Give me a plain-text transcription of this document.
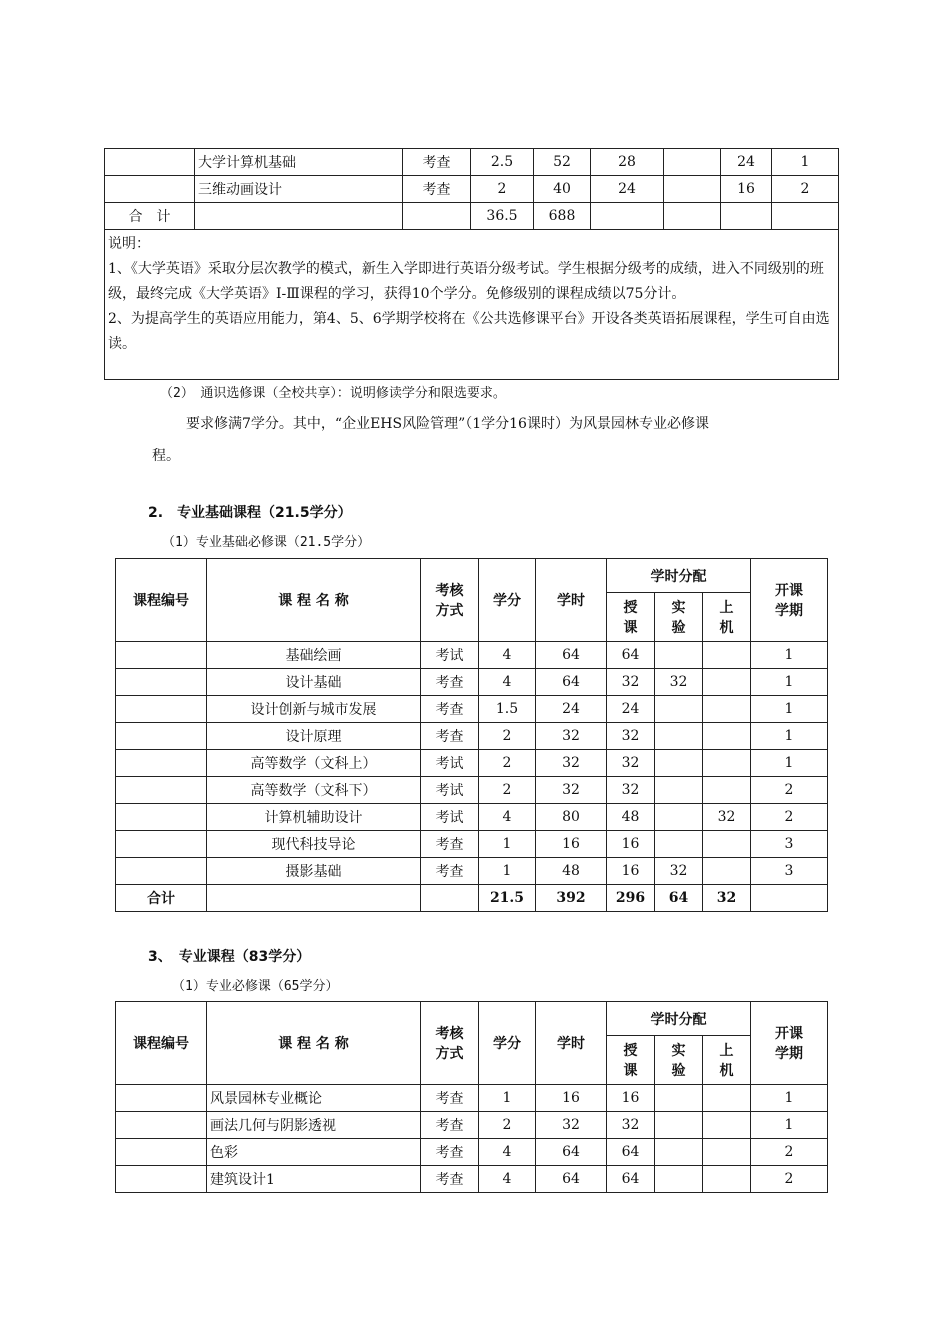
	大学计算机基础	考查	2.5	52	28		24	1
	三维动画设计	考查	2	40	24		16	2
合　计			36.5	688				

说明：
1、《大学英语》采取分层次教学的模式，新生入学即进行英语分级考试。学生根据分级考的成绩，进入不同级别的班级，最终完成《大学英语》Ⅰ-Ⅲ课程的学习，获得10个学分。免修级别的课程成绩以75分计。
2、为提高学生的英语应用能力，第4、5、6学期学校将在《公共选修课平台》开设各类英语拓展课程，学生可自由选读。								
（2）　通识选修课（全校共享）：说明修读学分和限选要求。
要求修满7学分。其中，“企业EHS风险管理”（1学分16课时）为风景园林专业必修课
程。
2.　专业基础课程（21.5学分）
（1）专业基础必修课（21.5学分）
课程编号	课 程 名 称	考核方式	学分	学时	学时分配			开课学期
					授课	实验	上机	
	基础绘画	考试	4	64	64			1
	设计基础	考查	4	64	32	32		1
	设计创新与城市发展	考查	1.5	24	24			1
	设计原理	考查	2	32	32			1
	高等数学（文科上）	考试	2	32	32			1
	高等数学（文科下）	考试	2	32	32			2
	计算机辅助设计	考试	4	80	48		32	2
	现代科技导论	考查	1	16	16			3
	摄影基础	考查	1	48	16	32		3
合计			21.5	392	296	64	32	
3、　专业课程（83学分）
（1）专业必修课（65学分）
课程编号	课 程 名 称	考核方式	学分	学时	学时分配			开课学期
					授课	实验	上机	
	风景园林专业概论	考查	1	16	16			1
	画法几何与阴影透视	考查	2	32	32			1
	色彩	考查	4	64	64			2
	建筑设计1	考查	4	64	64			2
